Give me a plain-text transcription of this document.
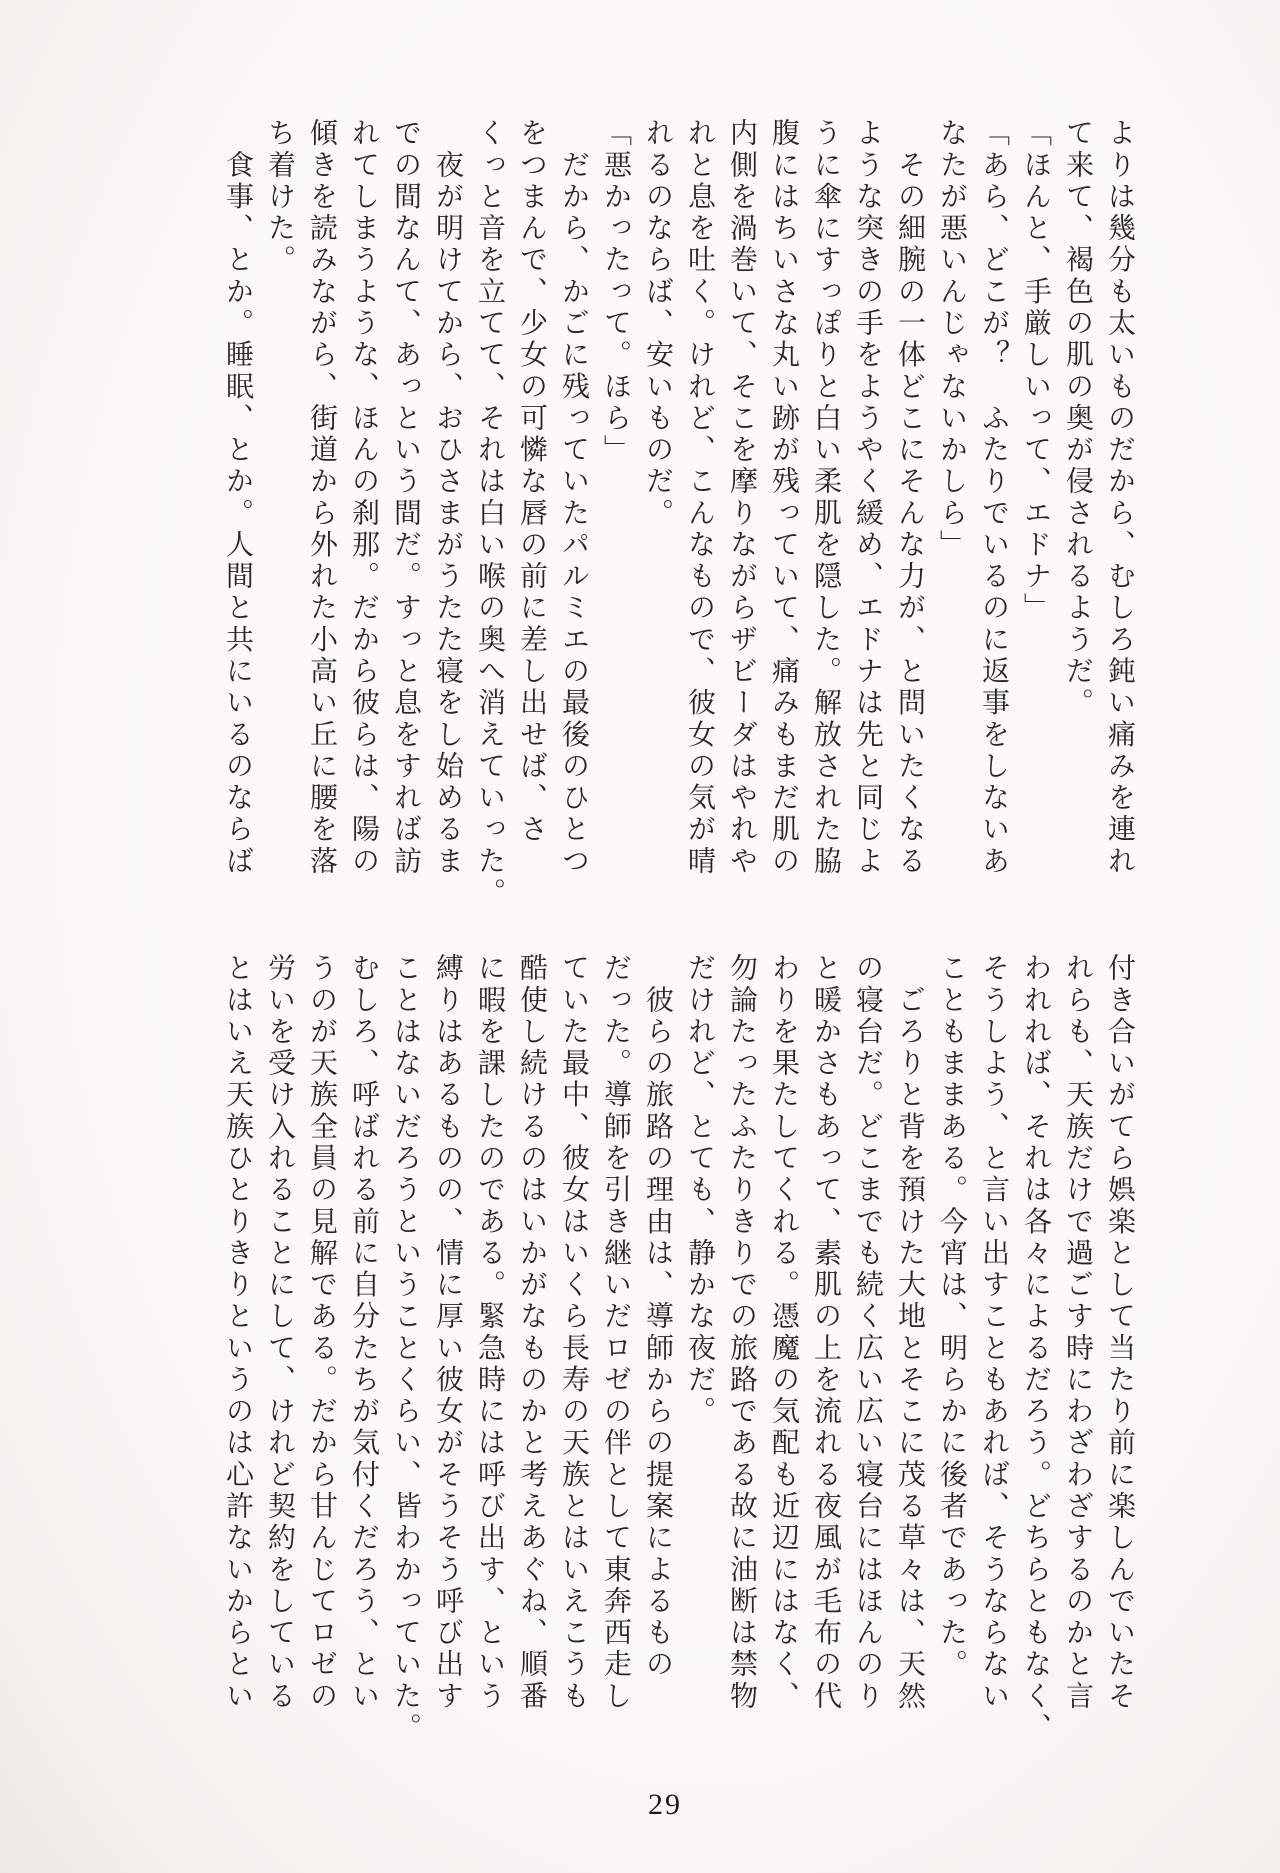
よりは幾分も太いものだから、むしろ鈍い痛みを連れ

て来て、褐色の肌の奥が侵されるようだ。

「ほんと、手厳しいって、エドナ」

「あら、どこが？　ふたりでいるのに返事をしないあ

なたが悪いんじゃないかしら」

　その細腕の一体どこにそんな力が、と問いたくなる

ような突きの手をようやく緩め、エドナは先と同じよ

うに傘にすっぽりと白い柔肌を隠した。解放された脇

腹にはちいさな丸い跡が残っていて、痛みもまだ肌の

内側を渦巻いて、そこを摩りながらザビーダはやれや

れと息を吐く。けれど、こんなもので、彼女の気が晴

れるのならば、安いものだ。

「悪かったって。ほら」

　だから、かごに残っていたパルミエの最後のひとつ

をつまんで、少女の可憐な唇の前に差し出せば、さ

くっと音を立てて、それは白い喉の奥へ消えていった。

　夜が明けてから、おひさまがうたた寝をし始めるま

での間なんて、あっという間だ。すっと息をすれば訪

れてしまうような、ほんの刹那。だから彼らは、陽の

傾きを読みながら、街道から外れた小高い丘に腰を落

ち着けた。

　食事、とか。睡眠、とか。人間と共にいるのならば

付き合いがてら娯楽として当たり前に楽しんでいたそ

れらも、天族だけで過ごす時にわざわざするのかと言

われれば、それは各々によるだろう。どちらともなく、

そうしよう、と言い出すこともあれば、そうならない

こともままある。今宵は、明らかに後者であった。

　ごろりと背を預けた大地とそこに茂る草々は、天然

の寝台だ。どこまでも続く広い広い寝台にはほんのり

と暖かさもあって、素肌の上を流れる夜風が毛布の代

わりを果たしてくれる。憑魔の気配も近辺にはなく、

勿論たったふたりきりでの旅路である故に油断は禁物

だけれど、とても、静かな夜だ。

　彼らの旅路の理由は、導師からの提案によるもの

だった。導師を引き継いだロゼの伴として東奔西走し

ていた最中、彼女はいくら長寿の天族とはいえこうも

酷使し続けるのはいかがなものかと考えあぐね、順番

に暇を課したのである。緊急時には呼び出す、という

縛りはあるものの、情に厚い彼女がそうそう呼び出す

ことはないだろうということくらい、皆わかっていた。

むしろ、呼ばれる前に自分たちが気付くだろう、とい

うのが天族全員の見解である。だから甘んじてロゼの

労いを受け入れることにして、けれど契約をしている

とはいえ天族ひとりきりというのは心許ないからとい

29
